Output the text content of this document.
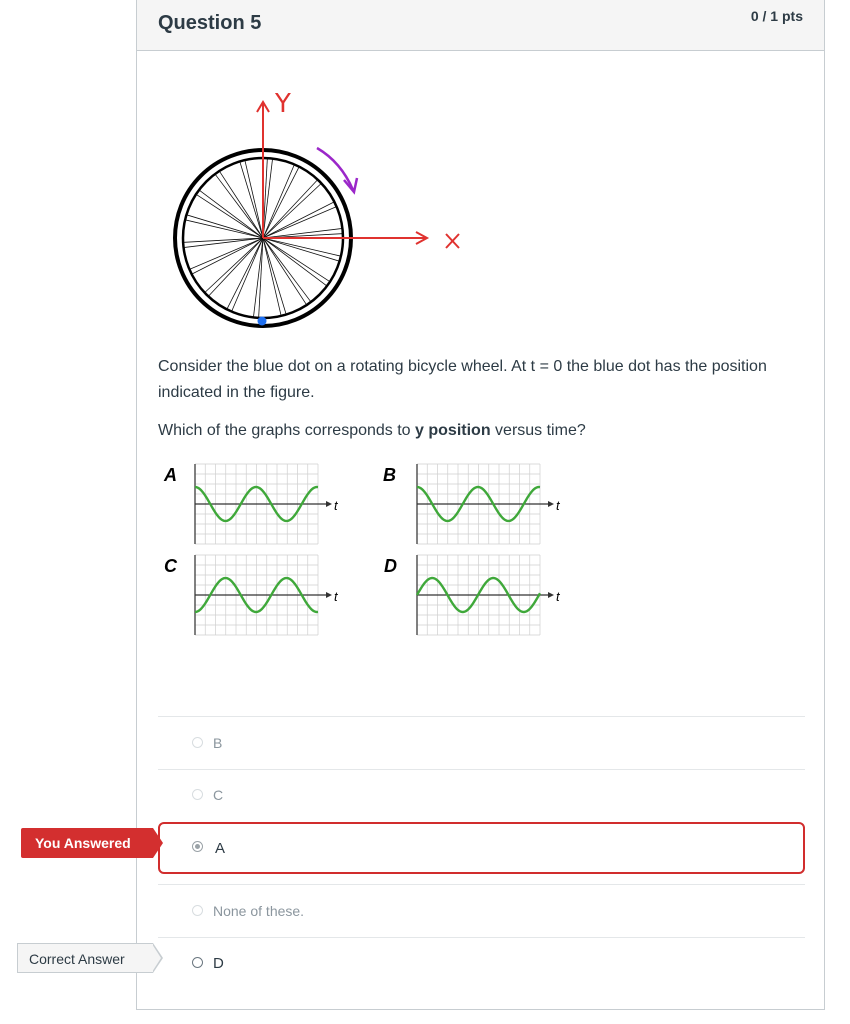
Question 5	0 / 1 pts
Y

Consider the blue dot on a rotating bicycle wheel. At t = 0 the blue dot has the position indicated in the figure.

Which of the graphs corresponds to y position versus time?

A
t
B
t
C
t
D
t
B
C
A
None of these.
D
You Answered
Correct Answer
